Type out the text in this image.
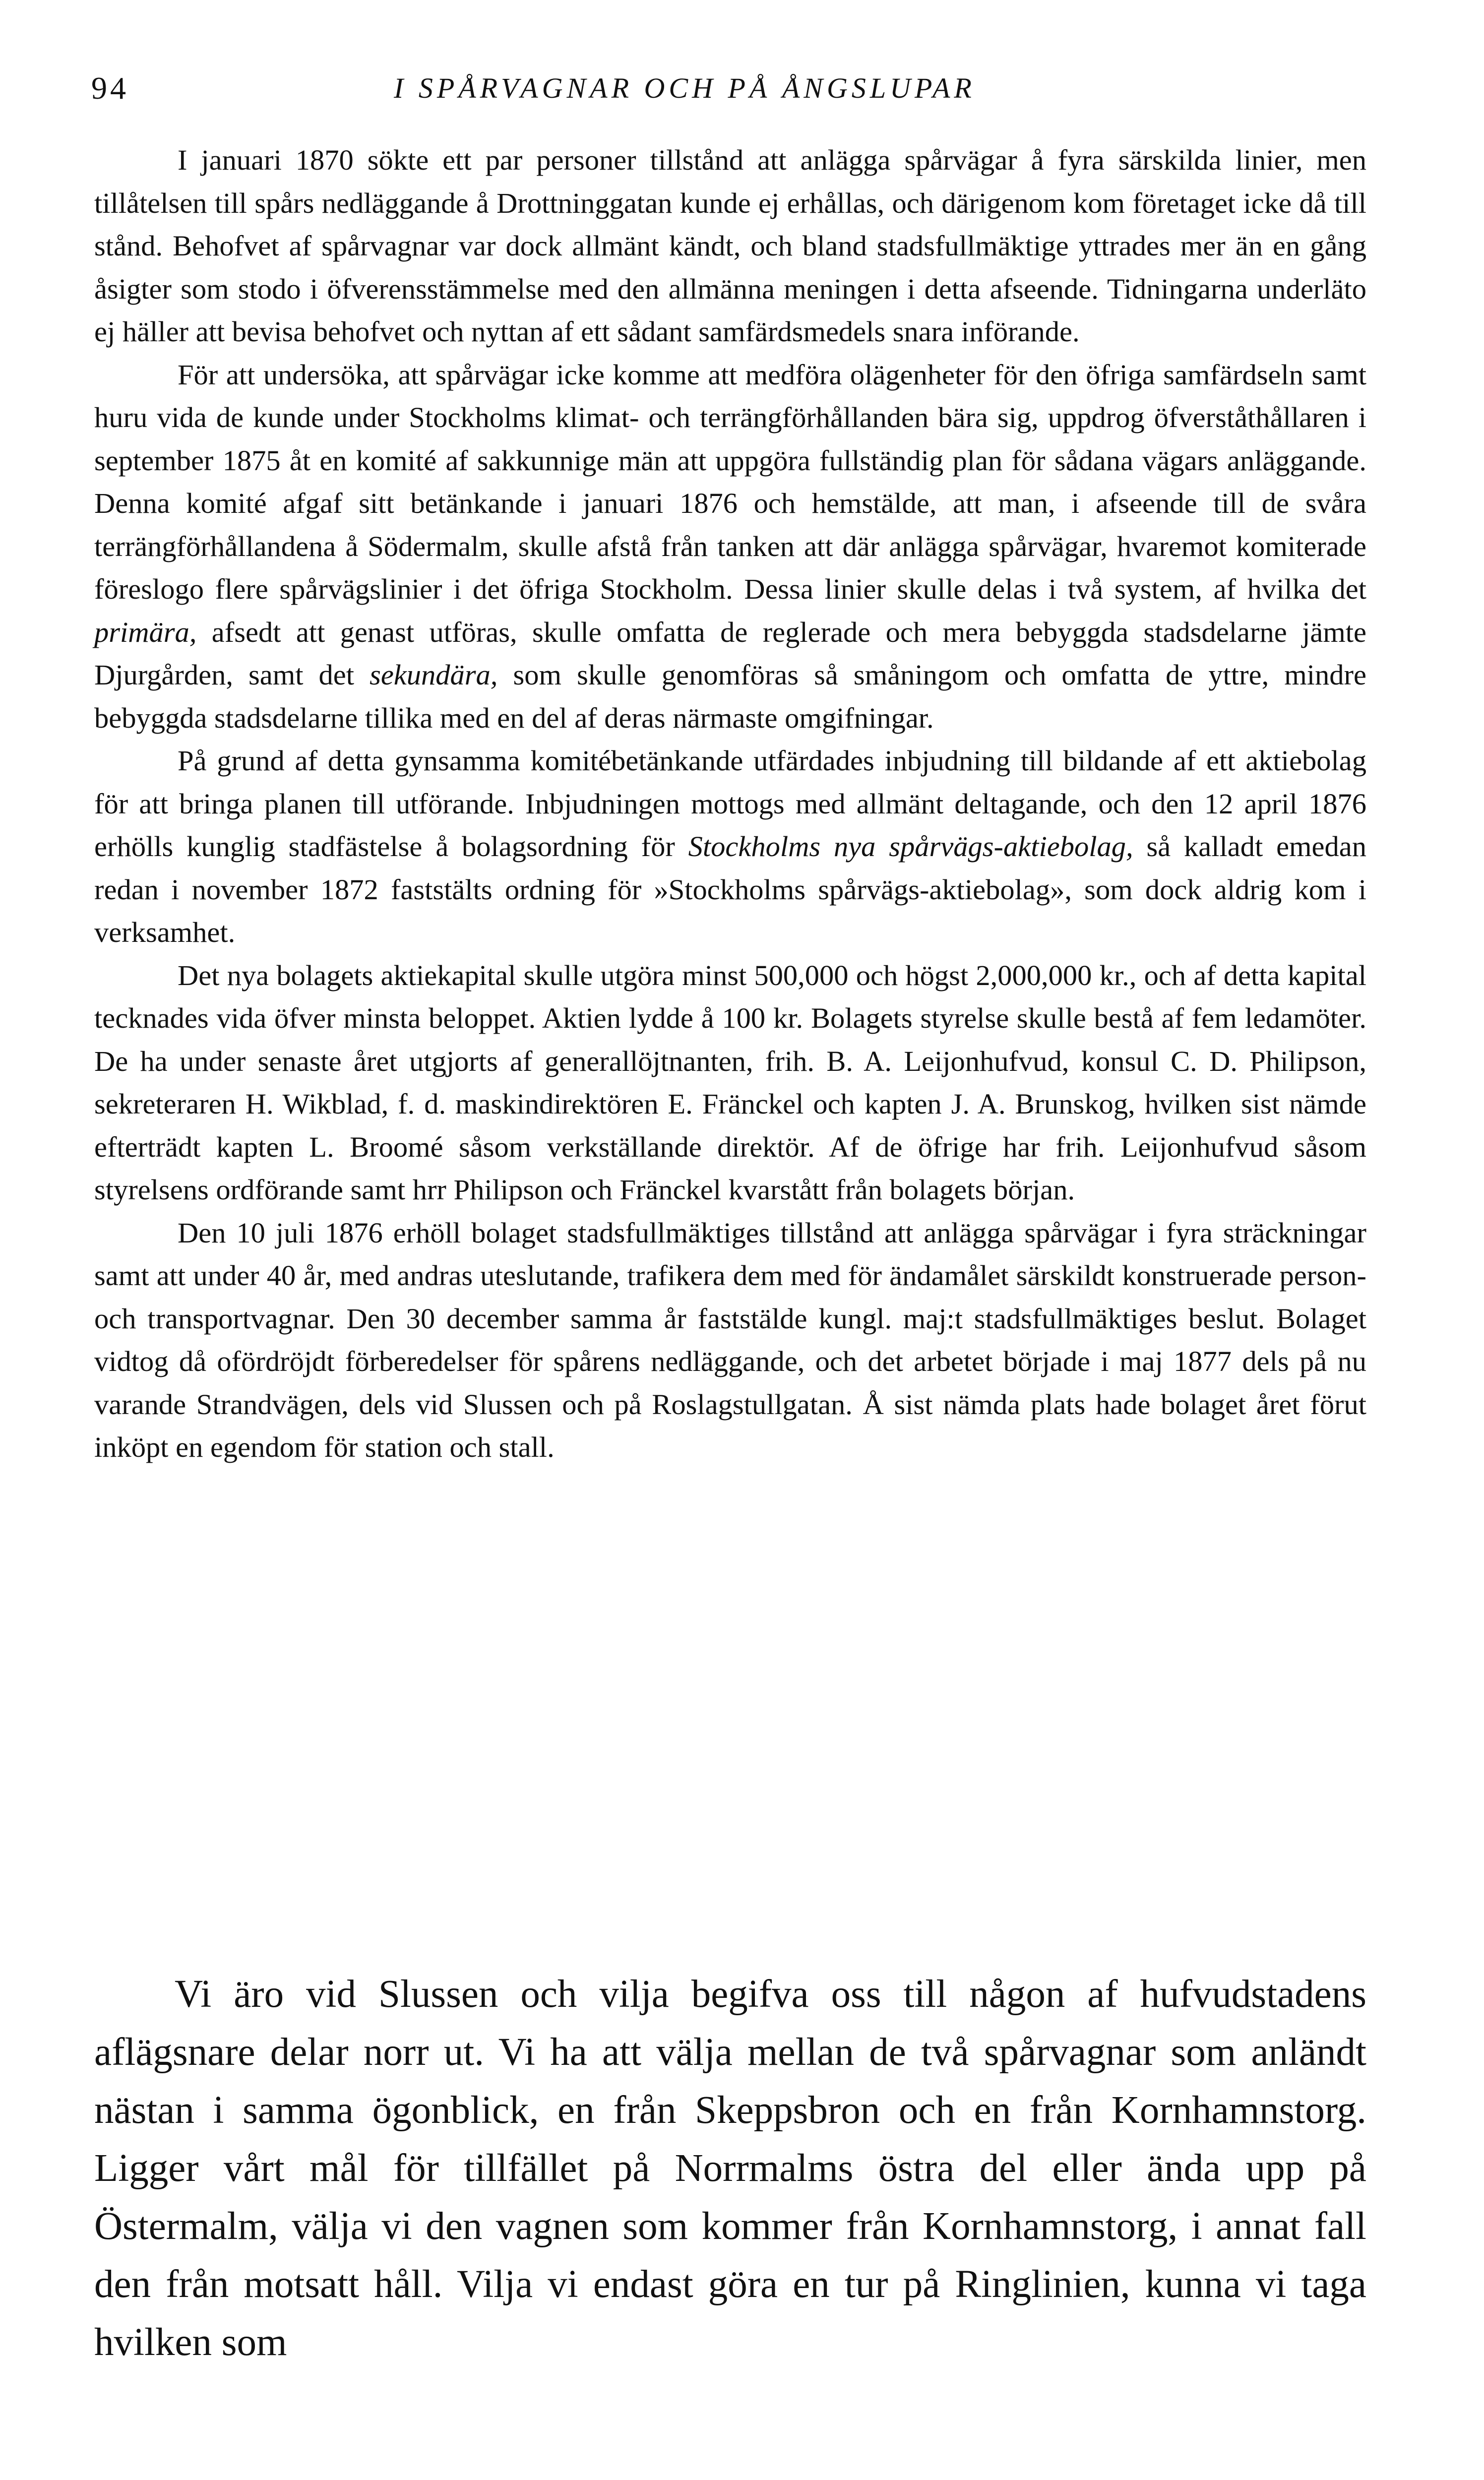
94	I SPÅRVAGNAR OCH PÅ ÅNGSLUPAR

I januari 1870 sökte ett par personer tillstånd att anlägga spårvägar å fyra särskilda linier, men tillåtelsen till spårs nedläggande å Drottninggatan kunde ej erhållas, och därigenom kom företaget icke då till stånd. Behofvet af spårvagnar var dock allmänt kändt, och bland stadsfullmäktige yttrades mer än en gång åsigter som stodo i öfverensstämmelse med den allmänna meningen i detta afseende. Tidningarna underläto ej häller att bevisa behofvet och nyttan af ett sådant samfärdsmedels snara införande.

För att undersöka, att spårvägar icke komme att medföra olägenheter för den öfriga samfärdseln samt huru vida de kunde under Stockholms klimat- och terrängförhållanden bära sig, uppdrog öfverståthållaren i september 1875 åt en komité af sakkunnige män att uppgöra fullständig plan för sådana vägars anläggande. Denna komité afgaf sitt betänkande i januari 1876 och hemstälde, att man, i afseende till de svåra terrängförhållandena å Södermalm, skulle afstå från tanken att där anlägga spårvägar, hvaremot komiterade föreslogo flere spårvägslinier i det öfriga Stockholm. Dessa linier skulle delas i två system, af hvilka det primära, afsedt att genast utföras, skulle omfatta de reglerade och mera bebyggda stadsdelarne jämte Djurgården, samt det sekundära, som skulle genomföras så småningom och omfatta de yttre, mindre bebyggda stadsdelarne tillika med en del af deras närmaste omgifningar.

På grund af detta gynsamma komitébetänkande utfärdades inbjudning till bildande af ett aktiebolag för att bringa planen till utförande. Inbjudningen mottogs med allmänt deltagande, och den 12 april 1876 erhölls kunglig stadfästelse å bolagsordning för Stockholms nya spårvägs-aktiebolag, så kalladt emedan redan i november 1872 faststälts ordning för »Stockholms spårvägs-aktiebolag», som dock aldrig kom i verksamhet.

Det nya bolagets aktiekapital skulle utgöra minst 500,000 och högst 2,000,000 kr., och af detta kapital tecknades vida öfver minsta beloppet. Aktien lydde å 100 kr. Bolagets styrelse skulle bestå af fem ledamöter. De ha under senaste året utgjorts af generallöjtnanten, frih. B. A. Leijonhufvud, konsul C. D. Philipson, sekreteraren H. Wikblad, f. d. maskindirektören E. Fränckel och kapten J. A. Brunskog, hvilken sist nämde efterträdt kapten L. Broomé såsom verkställande direktör. Af de öfrige har frih. Leijonhufvud såsom styrelsens ordförande samt hrr Philipson och Fränckel kvarstått från bolagets början.

Den 10 juli 1876 erhöll bolaget stadsfullmäktiges tillstånd att anlägga spårvägar i fyra sträckningar samt att under 40 år, med andras uteslutande, trafikera dem med för ändamålet särskildt konstruerade person- och transportvagnar. Den 30 december samma år faststälde kungl. maj:t stadsfullmäktiges beslut. Bolaget vidtog då ofördröjdt förberedelser för spårens nedläggande, och det arbetet började i maj 1877 dels på nu varande Strandvägen, dels vid Slussen och på Roslagstullgatan. Å sist nämda plats hade bolaget året förut inköpt en egendom för station och stall.

Vi äro vid Slussen och vilja begifva oss till någon af hufvudstadens aflägsnare delar norr ut. Vi ha att välja mellan de två spårvagnar som anländt nästan i samma ögonblick, en från Skeppsbron och en från Kornhamnstorg. Ligger vårt mål för tillfället på Norrmalms östra del eller ända upp på Östermalm, välja vi den vagnen som kommer från Kornhamnstorg, i annat fall den från motsatt håll. Vilja vi endast göra en tur på Ringlinien, kunna vi taga hvilken som
